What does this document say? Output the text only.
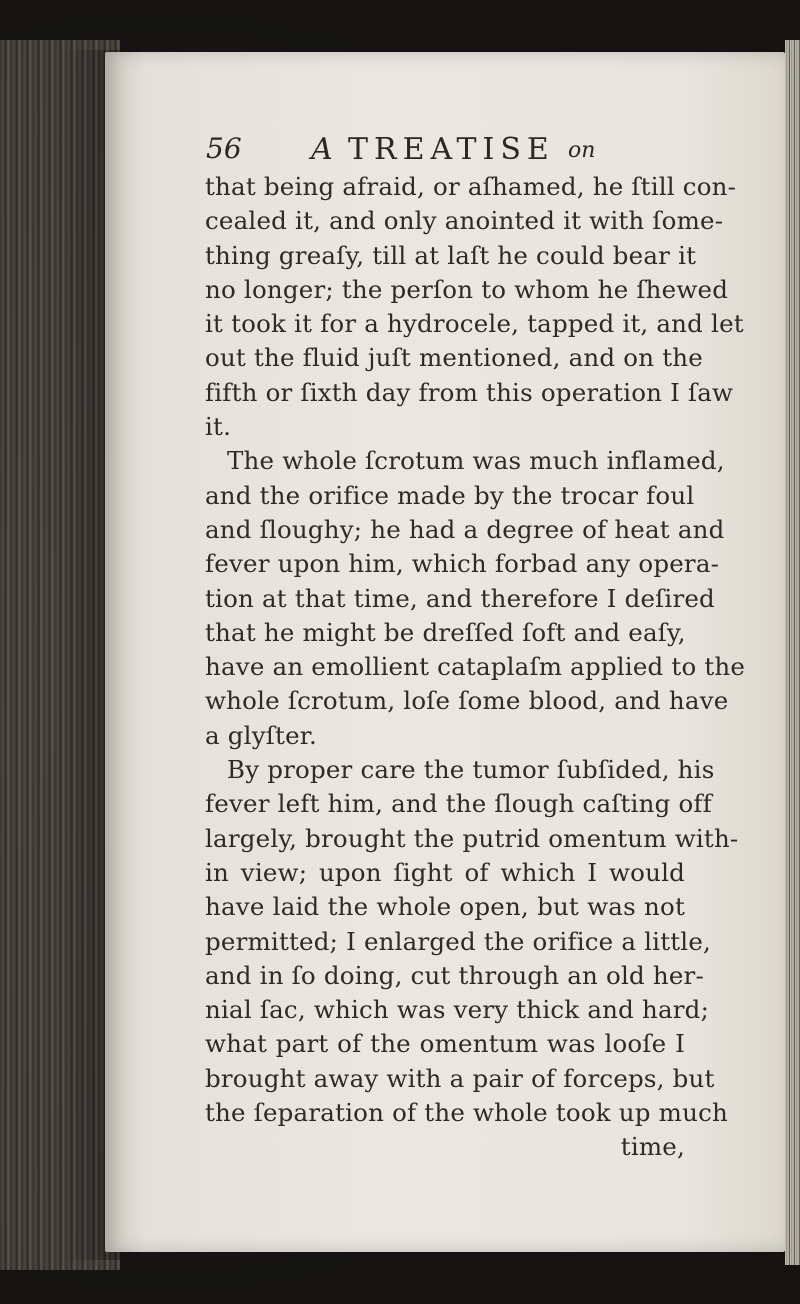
56 A TREATISE on
that being afraid, or aſhamed, he ſtill con-
cealed it, and only anointed it with ſome-
thing greaſy, till at laſt he could bear it
no longer; the perſon to whom he ſhewed
it took it for a hydrocele, tapped it, and let
out the fluid juſt mentioned, and on the
fifth or ſixth day from this operation I ſaw
it.
The whole ſcrotum was much inflamed,
and the orifice made by the trocar foul
and ſloughy; he had a degree of heat and
fever upon him, which forbad any opera-
tion at that time, and therefore I deſired
that he might be dreſſed ſoft and eaſy,
have an emollient cataplaſm applied to the
whole ſcrotum, loſe ſome blood, and have
a glyſter.
By proper care the tumor ſubſided, his
fever left him, and the ſlough caſting off
largely, brought the putrid omentum with-
in view; upon ſight of which I would
have laid the whole open, but was not
permitted; I enlarged the orifice a little,
and in ſo doing, cut through an old her-
nial ſac, which was very thick and hard;
what part of the omentum was looſe I
brought away with a pair of forceps, but
the ſeparation of the whole took up much
time,
